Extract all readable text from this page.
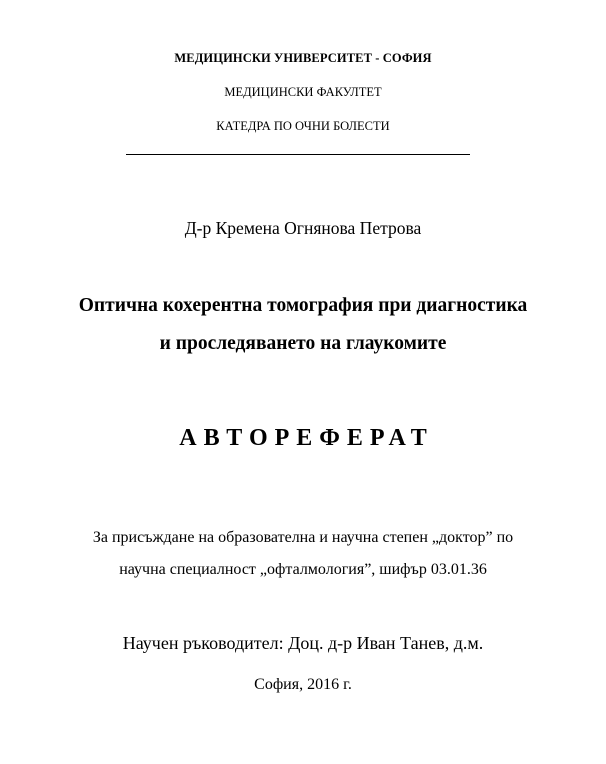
МЕДИЦИНСКИ УНИВЕРСИТЕТ - СОФИЯ
МЕДИЦИНСКИ ФАКУЛТЕТ
КАТЕДРА ПО ОЧНИ БОЛЕСТИ
Д-р Кремена Огнянова Петрова
Оптична кохерентна томография при диагностика
и проследяването на глаукомите
АВТОРЕФЕРАТ
За присъждане на образователна и научна степен „доктор” по
научна специалност „офталмология”, шифър 03.01.36
Научен ръководител: Доц. д-р Иван Танев, д.м.
София, 2016 г.
